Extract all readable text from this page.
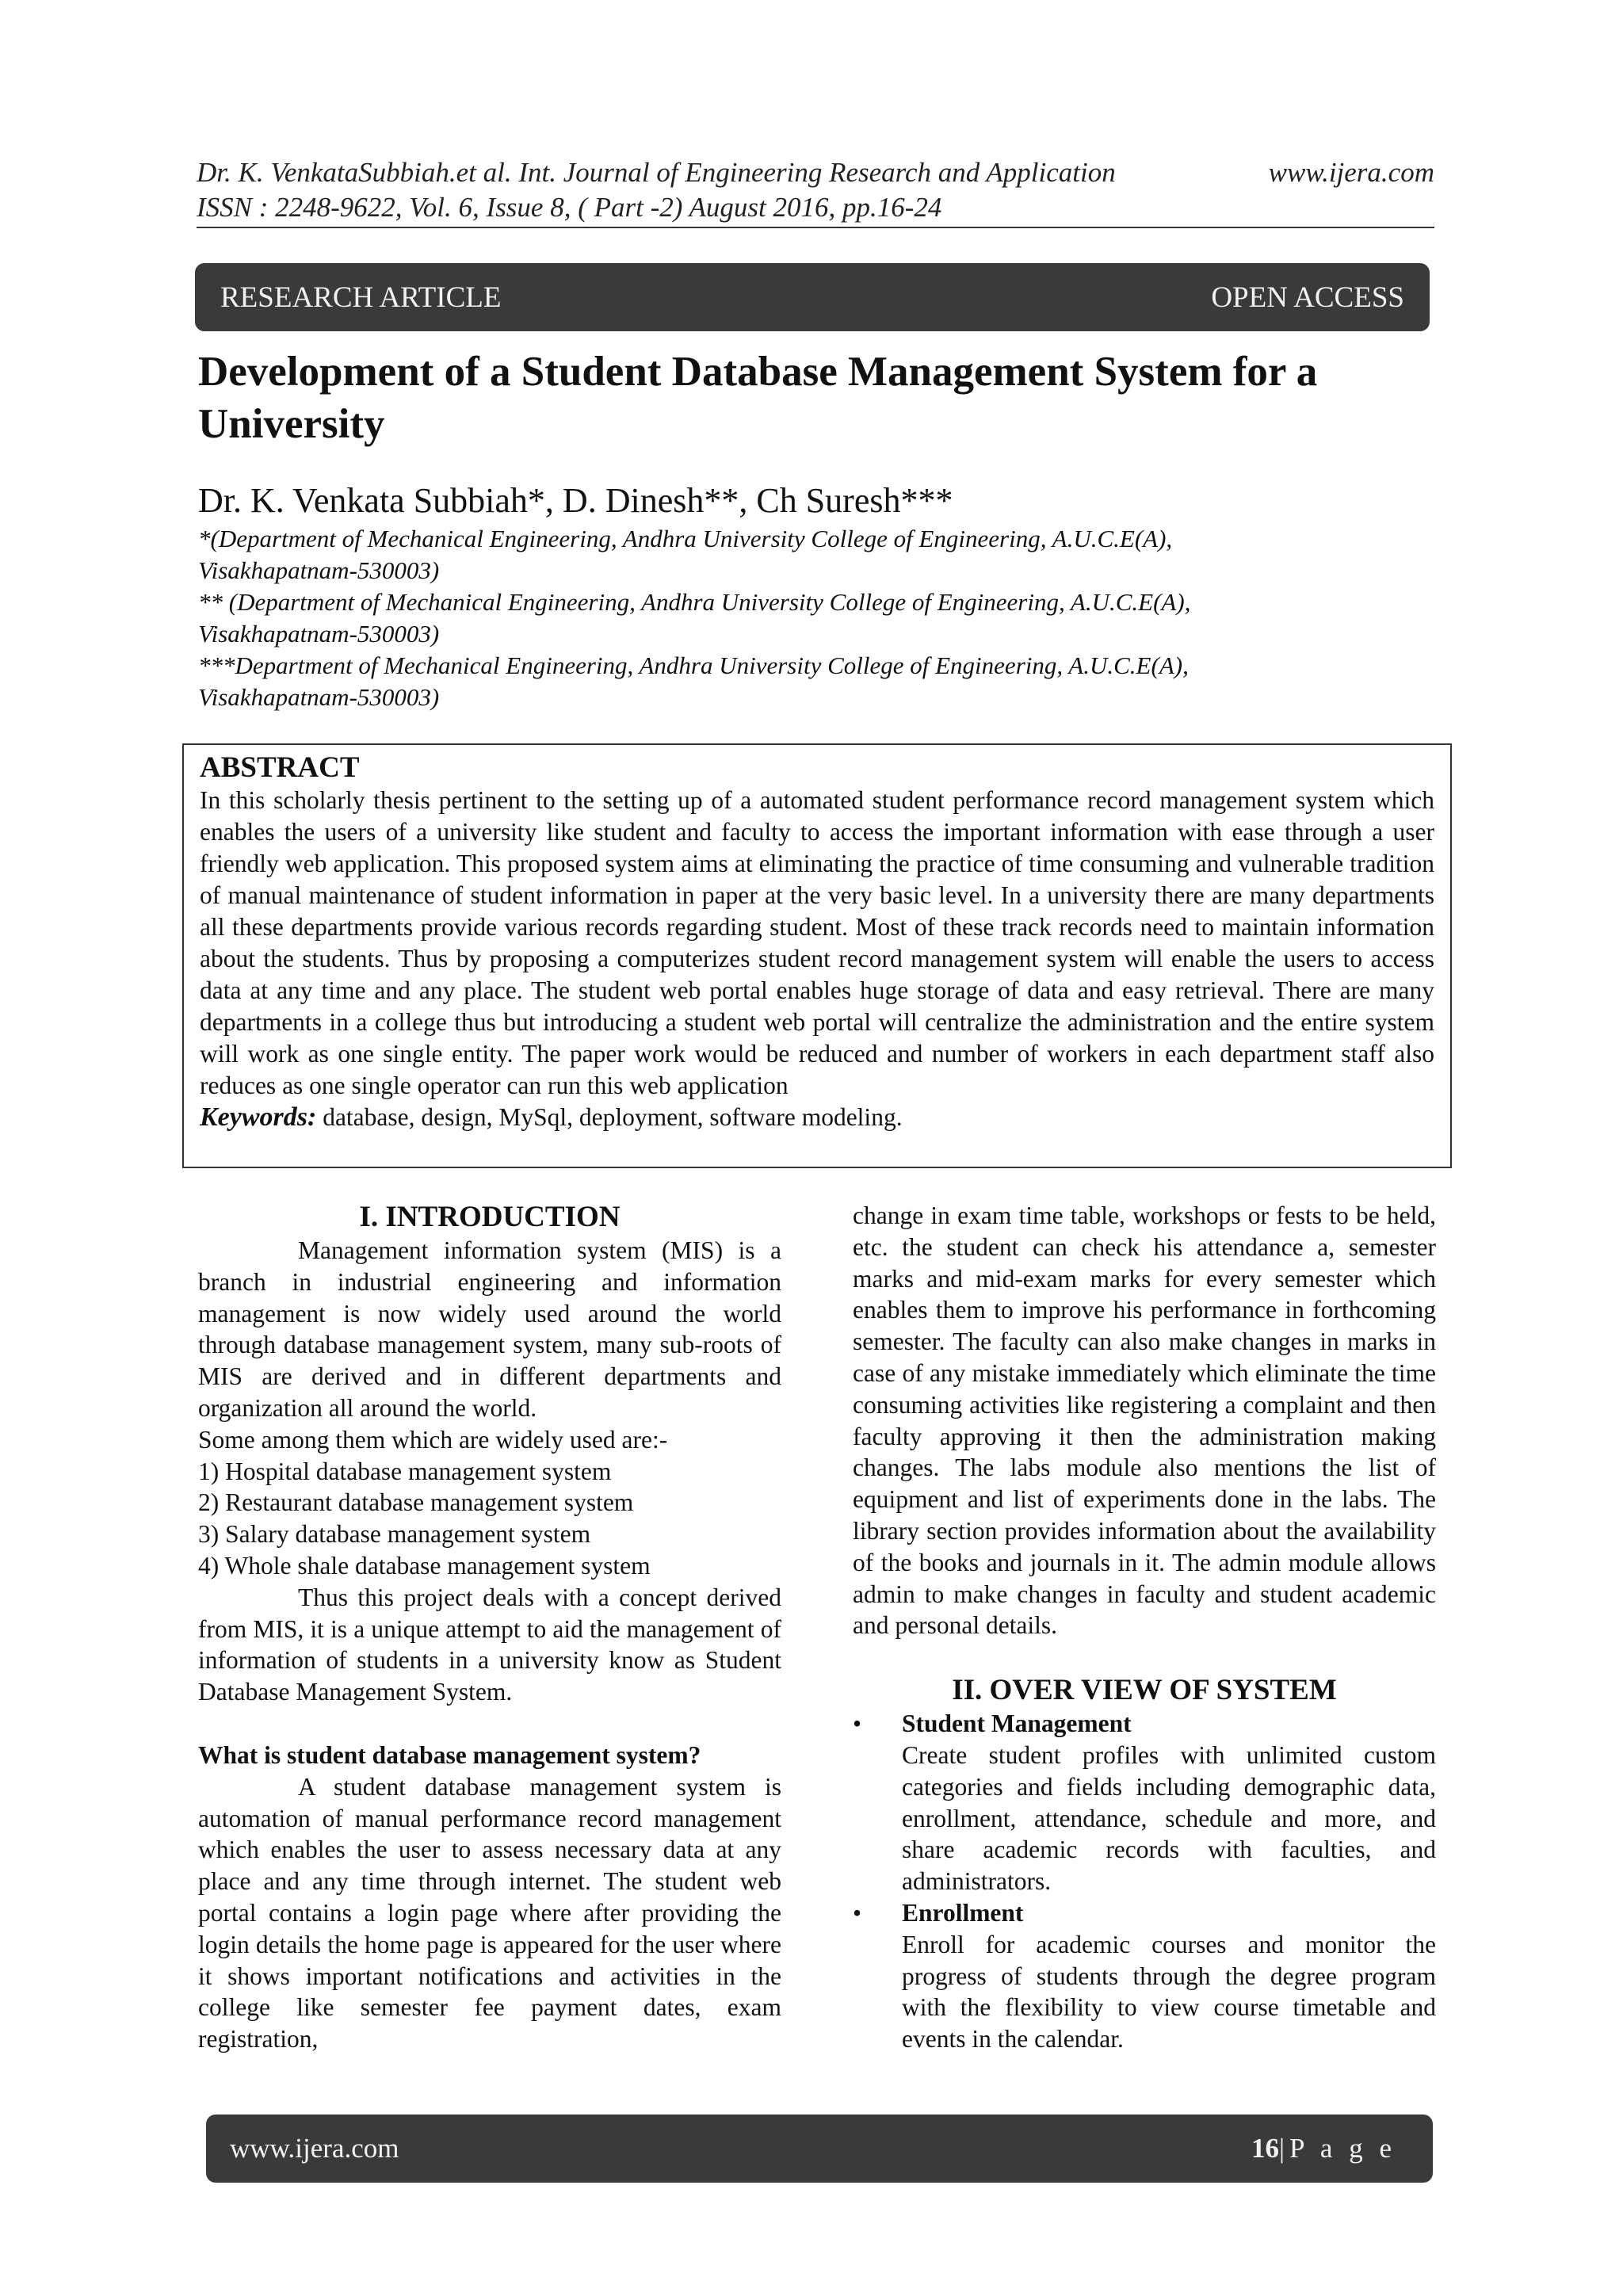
Dr. K. VenkataSubbiah.et al. Int. Journal of Engineering Research and Application	www.ijera.com
ISSN : 2248-9622, Vol. 6, Issue 8, ( Part -2) August 2016, pp.16-24
RESEARCH ARTICLE	OPEN ACCESS
Development of a Student Database Management System for a University
Dr. K. Venkata Subbiah*, D. Dinesh**, Ch Suresh***
*(Department of Mechanical Engineering, Andhra University College of Engineering, A.U.C.E(A),
Visakhapatnam-530003)
** (Department of Mechanical Engineering, Andhra University College of Engineering, A.U.C.E(A),
Visakhapatnam-530003)
***Department of Mechanical Engineering, Andhra University College of Engineering, A.U.C.E(A),
Visakhapatnam-530003)
ABSTRACT
In this scholarly thesis pertinent to the setting up of a automated student performance record management system which enables the users of a university like student and faculty to access the important information with ease through a user friendly web application. This proposed system aims at eliminating the practice of time consuming and vulnerable tradition of manual maintenance of student information in paper at the very basic level. In a university there are many departments all these departments provide various records regarding student. Most of these track records need to maintain information about the students. Thus by proposing a computerizes student record management system will enable the users to access data at any time and any place. The student web portal enables huge storage of data and easy retrieval. There are many departments in a college thus but introducing a student web portal will centralize the administration and the entire system will work as one single entity. The paper work would be reduced and number of workers in each department staff also reduces as one single operator can run this web application
Keywords: database, design, MySql, deployment, software modeling.
I. INTRODUCTION
Management information system (MIS) is a branch in industrial engineering and information management is now widely used around the world through database management system, many sub-roots of MIS are derived and in different departments and organization all around the world.
Some among them which are widely used are:-
1) Hospital database management system
2) Restaurant database management system
3) Salary database management system
4) Whole shale database management system
Thus this project deals with a concept derived from MIS, it is a unique attempt to aid the management of information of students in a university know as Student Database Management System.
What is student database management system?
A student database management system is automation of manual performance record management which enables the user to assess necessary data at any place and any time through internet. The student web portal contains a login page where after providing the login details the home page is appeared for the user where it shows important notifications and activities in the college like semester fee payment dates, exam registration,
change in exam time table, workshops or fests to be held, etc. the student can check his attendance a, semester marks and mid-exam marks for every semester which enables them to improve his performance in forthcoming semester. The faculty can also make changes in marks in case of any mistake immediately which eliminate the time consuming activities like registering a complaint and then faculty approving it then the administration making changes. The labs module also mentions the list of equipment and list of experiments done in the labs. The library section provides information about the availability of the books and journals in it. The admin module allows admin to make changes in faculty and student academic and personal details.
II. OVER VIEW OF SYSTEM
•	Student Management
Create student profiles with unlimited custom categories and fields including demographic data, enrollment, attendance, schedule and more, and share academic records with faculties, and administrators.
•	Enrollment
Enroll for academic courses and monitor the progress of students through the degree program with the flexibility to view course timetable and events in the calendar.
www.ijera.com	16|P a g e
